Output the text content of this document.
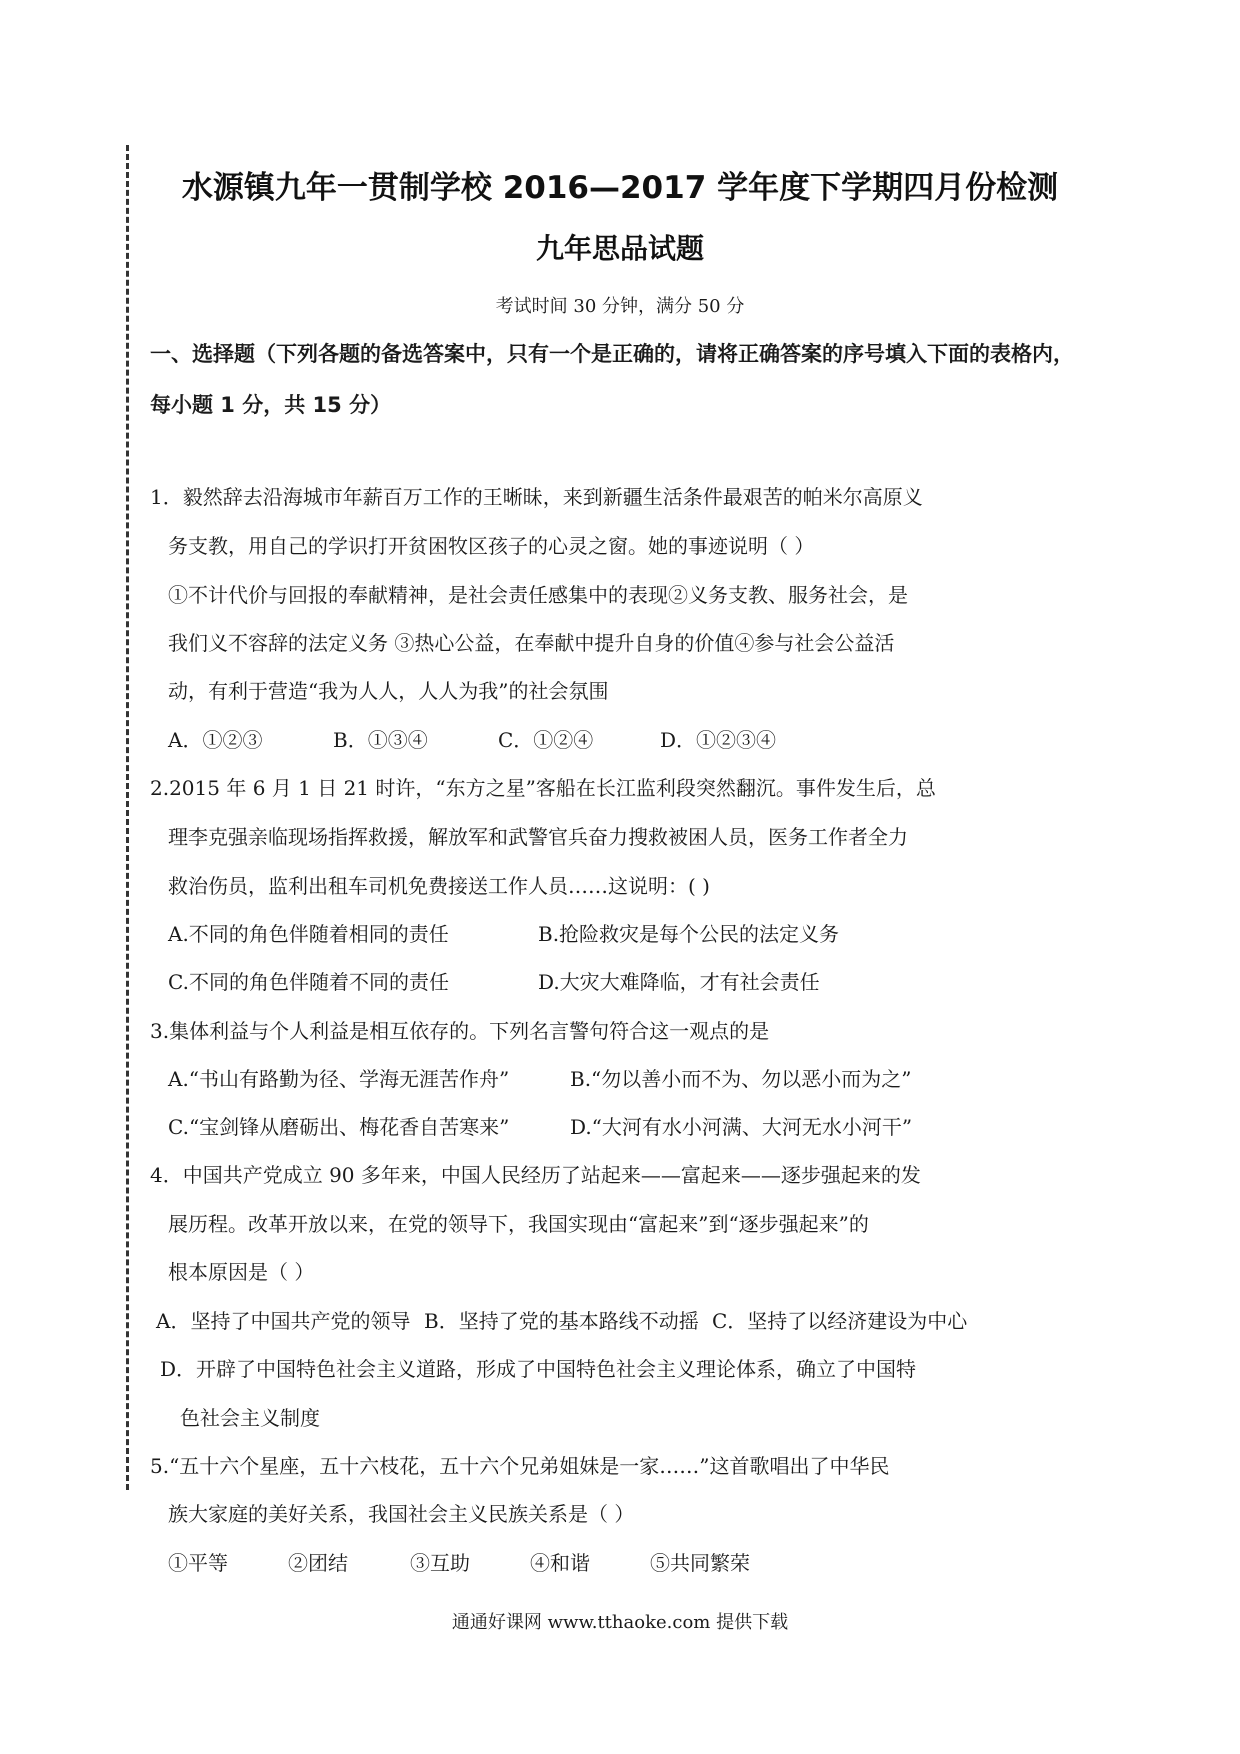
水源镇九年一贯制学校 2016—2017 学年度下学期四月份检测
九年思品试题
考试时间 30 分钟，满分 50 分
一、选择题（下列各题的备选答案中，只有一个是正确的，请将正确答案的序号填入下面的表格内，
每小题 1 分，共 15 分）
1．毅然辞去沿海城市年薪百万工作的王晰昧，来到新疆生活条件最艰苦的帕米尔高原义
务支教，用自己的学识打开贫困牧区孩子的心灵之窗。她的事迹说明（ ）
①不计代价与回报的奉献精神，是社会责任感集中的表现②义务支教、服务社会，是
我们义不容辞的法定义务 ③热心公益，在奉献中提升自身的价值④参与社会公益活
动，有利于营造“我为人人，人人为我”的社会氛围
A．①②③	B．①③④	C．①②④	D．①②③④
2.2015 年 6 月 1 日 21 时许，“东方之星”客船在长江监利段突然翻沉。事件发生后，总
理李克强亲临现场指挥救援，解放军和武警官兵奋力搜救被困人员，医务工作者全力
救治伤员，监利出租车司机免费接送工作人员……这说明：( )
A.不同的角色伴随着相同的责任	B.抢险救灾是每个公民的法定义务
C.不同的角色伴随着不同的责任	D.大灾大难降临，才有社会责任
3.集体利益与个人利益是相互依存的。下列名言警句符合这一观点的是
A.“书山有路勤为径、学海无涯苦作舟”	B.“勿以善小而不为、勿以恶小而为之”
C.“宝剑锋从磨砺出、梅花香自苦寒来”	D.“大河有水小河满、大河无水小河干”
4．中国共产党成立 90 多年来，中国人民经历了站起来——富起来——逐步强起来的发
展历程。改革开放以来，在党的领导下，我国实现由“富起来”到“逐步强起来”的
根本原因是（ ）
A．坚持了中国共产党的领导 B．坚持了党的基本路线不动摇 C．坚持了以经济建设为中心
D．开辟了中国特色社会主义道路，形成了中国特色社会主义理论体系，确立了中国特
色社会主义制度
5.“五十六个星座，五十六枝花，五十六个兄弟姐妹是一家……”这首歌唱出了中华民
族大家庭的美好关系，我国社会主义民族关系是（ ）
①平等	②团结	③互助	④和谐	⑤共同繁荣
通通好课网 www.tthaoke.com 提供下载
